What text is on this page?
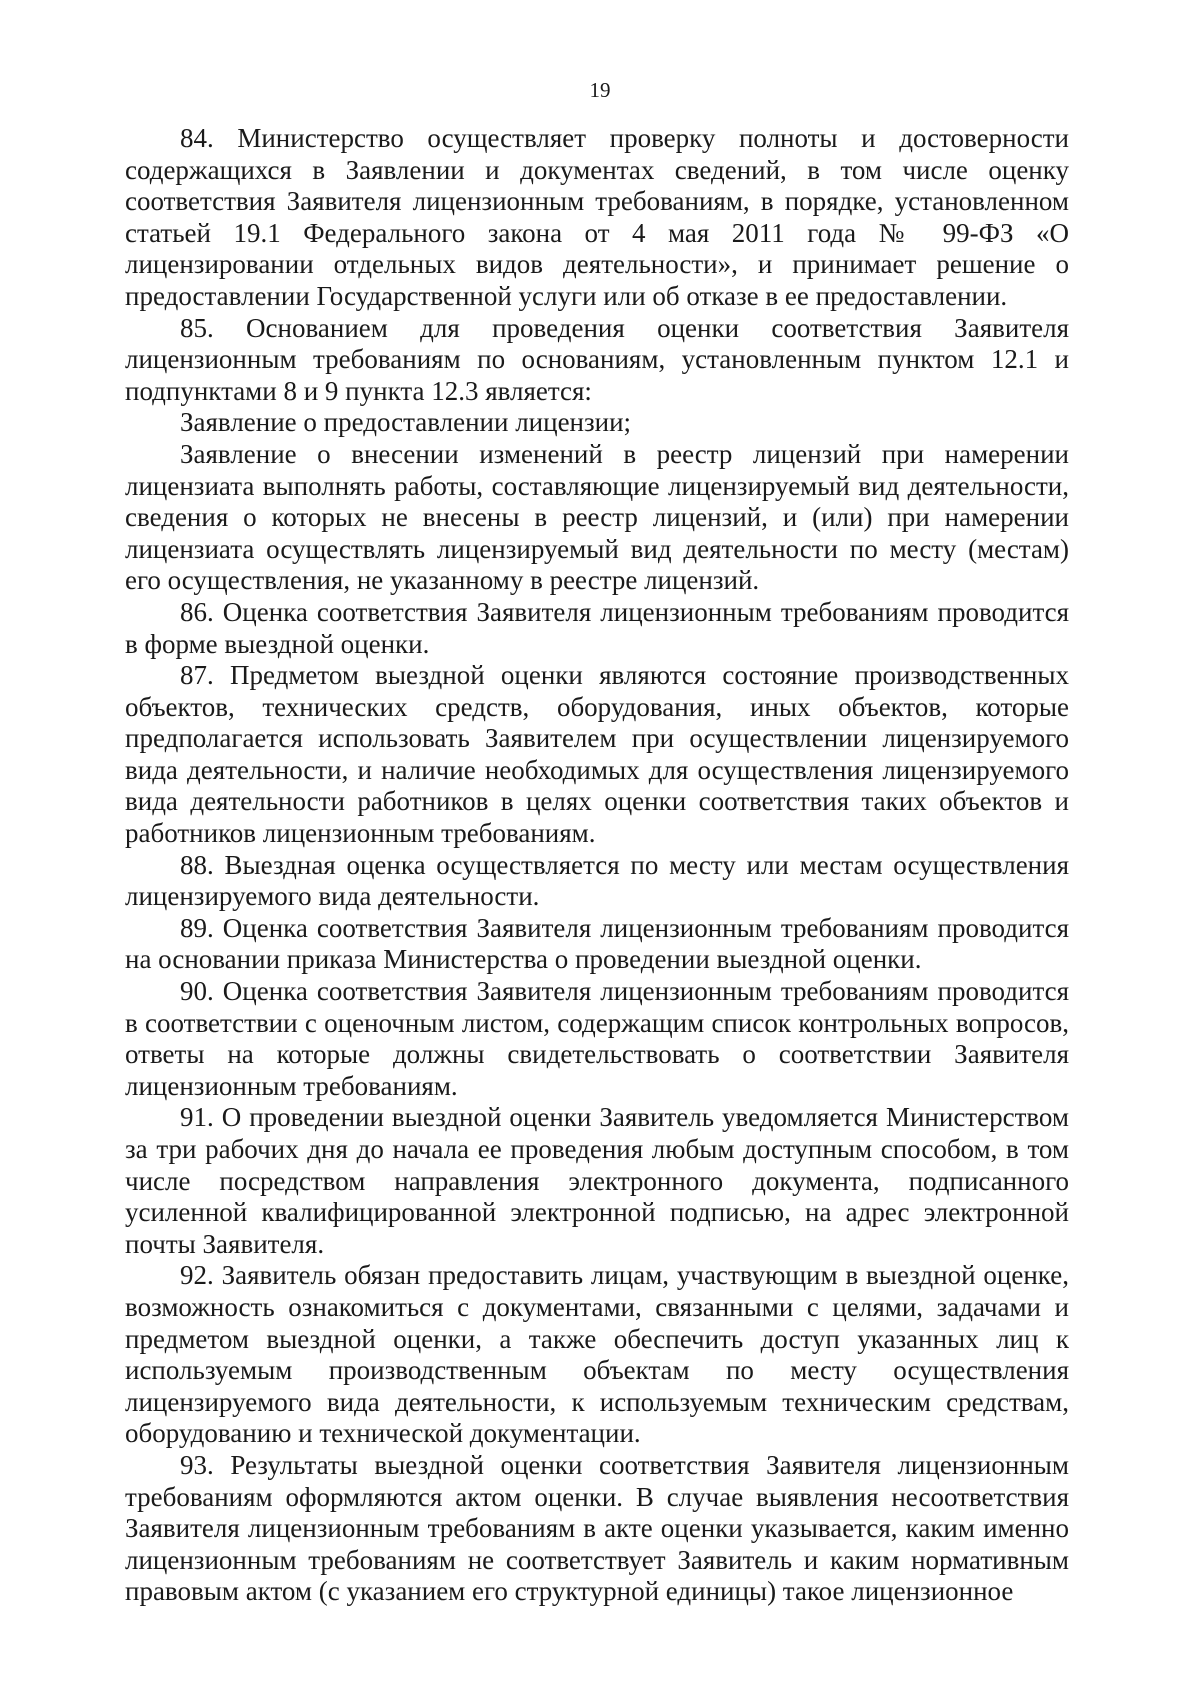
19

84. Министерство осуществляет проверку полноты и достоверности содержащихся в Заявлении и документах сведений, в том числе оценку соответствия Заявителя лицензионным требованиям, в порядке, установленном статьей 19.1 Федерального закона от 4 мая 2011 года № 99-ФЗ «О лицензировании отдельных видов деятельности», и принимает решение о предоставлении Государственной услуги или об отказе в ее предоставлении.

85. Основанием для проведения оценки соответствия Заявителя лицензионным требованиям по основаниям, установленным пунктом 12.1 и подпунктами 8 и 9 пункта 12.3 является:

Заявление о предоставлении лицензии;

Заявление о внесении изменений в реестр лицензий при намерении лицензиата выполнять работы, составляющие лицензируемый вид деятельности, сведения о которых не внесены в реестр лицензий, и (или) при намерении лицензиата осуществлять лицензируемый вид деятельности по месту (местам) его осуществления, не указанному в реестре лицензий.

86. Оценка соответствия Заявителя лицензионным требованиям проводится в форме выездной оценки.

87. Предметом выездной оценки являются состояние производственных объектов, технических средств, оборудования, иных объектов, которые предполагается использовать Заявителем при осуществлении лицензируемого вида деятельности, и наличие необходимых для осуществления лицензируемого вида деятельности работников в целях оценки соответствия таких объектов и работников лицензионным требованиям.

88. Выездная оценка осуществляется по месту или местам осуществления лицензируемого вида деятельности.

89. Оценка соответствия Заявителя лицензионным требованиям проводится на основании приказа Министерства о проведении выездной оценки.

90. Оценка соответствия Заявителя лицензионным требованиям проводится в соответствии с оценочным листом, содержащим список контрольных вопросов, ответы на которые должны свидетельствовать о соответствии Заявителя лицензионным требованиям.

91. О проведении выездной оценки Заявитель уведомляется Министерством за три рабочих дня до начала ее проведения любым доступным способом, в том числе посредством направления электронного документа, подписанного усиленной квалифицированной электронной подписью, на адрес электронной почты Заявителя.

92. Заявитель обязан предоставить лицам, участвующим в выездной оценке, возможность ознакомиться с документами, связанными с целями, задачами и предметом выездной оценки, а также обеспечить доступ указанных лиц к используемым производственным объектам по месту осуществления лицензируемого вида деятельности, к используемым техническим средствам, оборудованию и технической документации.

93. Результаты выездной оценки соответствия Заявителя лицензионным требованиям оформляются актом оценки. В случае выявления несоответствия Заявителя лицензионным требованиям в акте оценки указывается, каким именно лицензионным требованиям не соответствует Заявитель и каким нормативным правовым актом (с указанием его структурной единицы) такое лицензионное
